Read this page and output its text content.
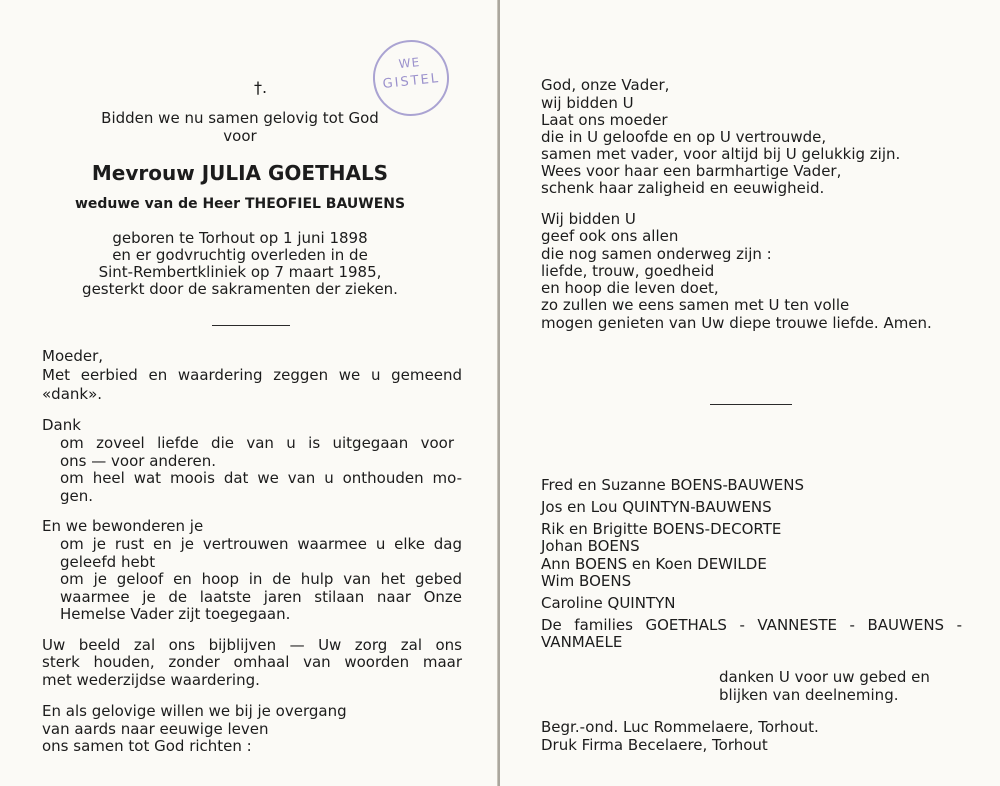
WE
GISTEL
†.
Bidden we nu samen gelovig tot God
voor
Mevrouw JULIA GOETHALS
weduwe van de Heer THEOFIEL BAUWENS
geboren te Torhout op 1 juni 1898
en er godvruchtig overleden in de
Sint-Rembertkliniek op 7 maart 1985,
gesterkt door de sakramenten der zieken.
Moeder,
Met eerbied en waardering zeggen we u gemeend
«dank».
Dank
om zoveel liefde die van u is uitgegaan voor
ons — voor anderen.
om heel wat moois dat we van u onthouden mo-
gen.
En we bewonderen je
om je rust en je vertrouwen waarmee u elke dag
geleefd hebt
om je geloof en hoop in de hulp van het gebed
waarmee je de laatste jaren stilaan naar Onze
Hemelse Vader zijt toegegaan.
Uw beeld zal ons bijblijven — Uw zorg zal ons
sterk houden, zonder omhaal van woorden maar
met wederzijdse waardering.
En als gelovige willen we bij je overgang
van aards naar eeuwige leven
ons samen tot God richten :
God, onze Vader,
wij bidden U
Laat ons moeder
die in U geloofde en op U vertrouwde,
samen met vader, voor altijd bij U gelukkig zijn.
Wees voor haar een barmhartige Vader,
schenk haar zaligheid en eeuwigheid.
Wij bidden U
geef ook ons allen
die nog samen onderweg zijn :
liefde, trouw, goedheid
en hoop die leven doet,
zo zullen we eens samen met U ten volle
mogen genieten van Uw diepe trouwe liefde. Amen.
Fred en Suzanne BOENS-BAUWENS
Jos en Lou QUINTYN-BAUWENS
Rik en Brigitte BOENS-DECORTE
Johan BOENS
Ann BOENS en Koen DEWILDE
Wim BOENS
Caroline QUINTYN
De families GOETHALS - VANNESTE - BAUWENS -
VANMAELE
danken U voor uw gebed en
blijken van deelneming.
Begr.-ond. Luc Rommelaere, Torhout.
Druk Firma Becelaere, Torhout
